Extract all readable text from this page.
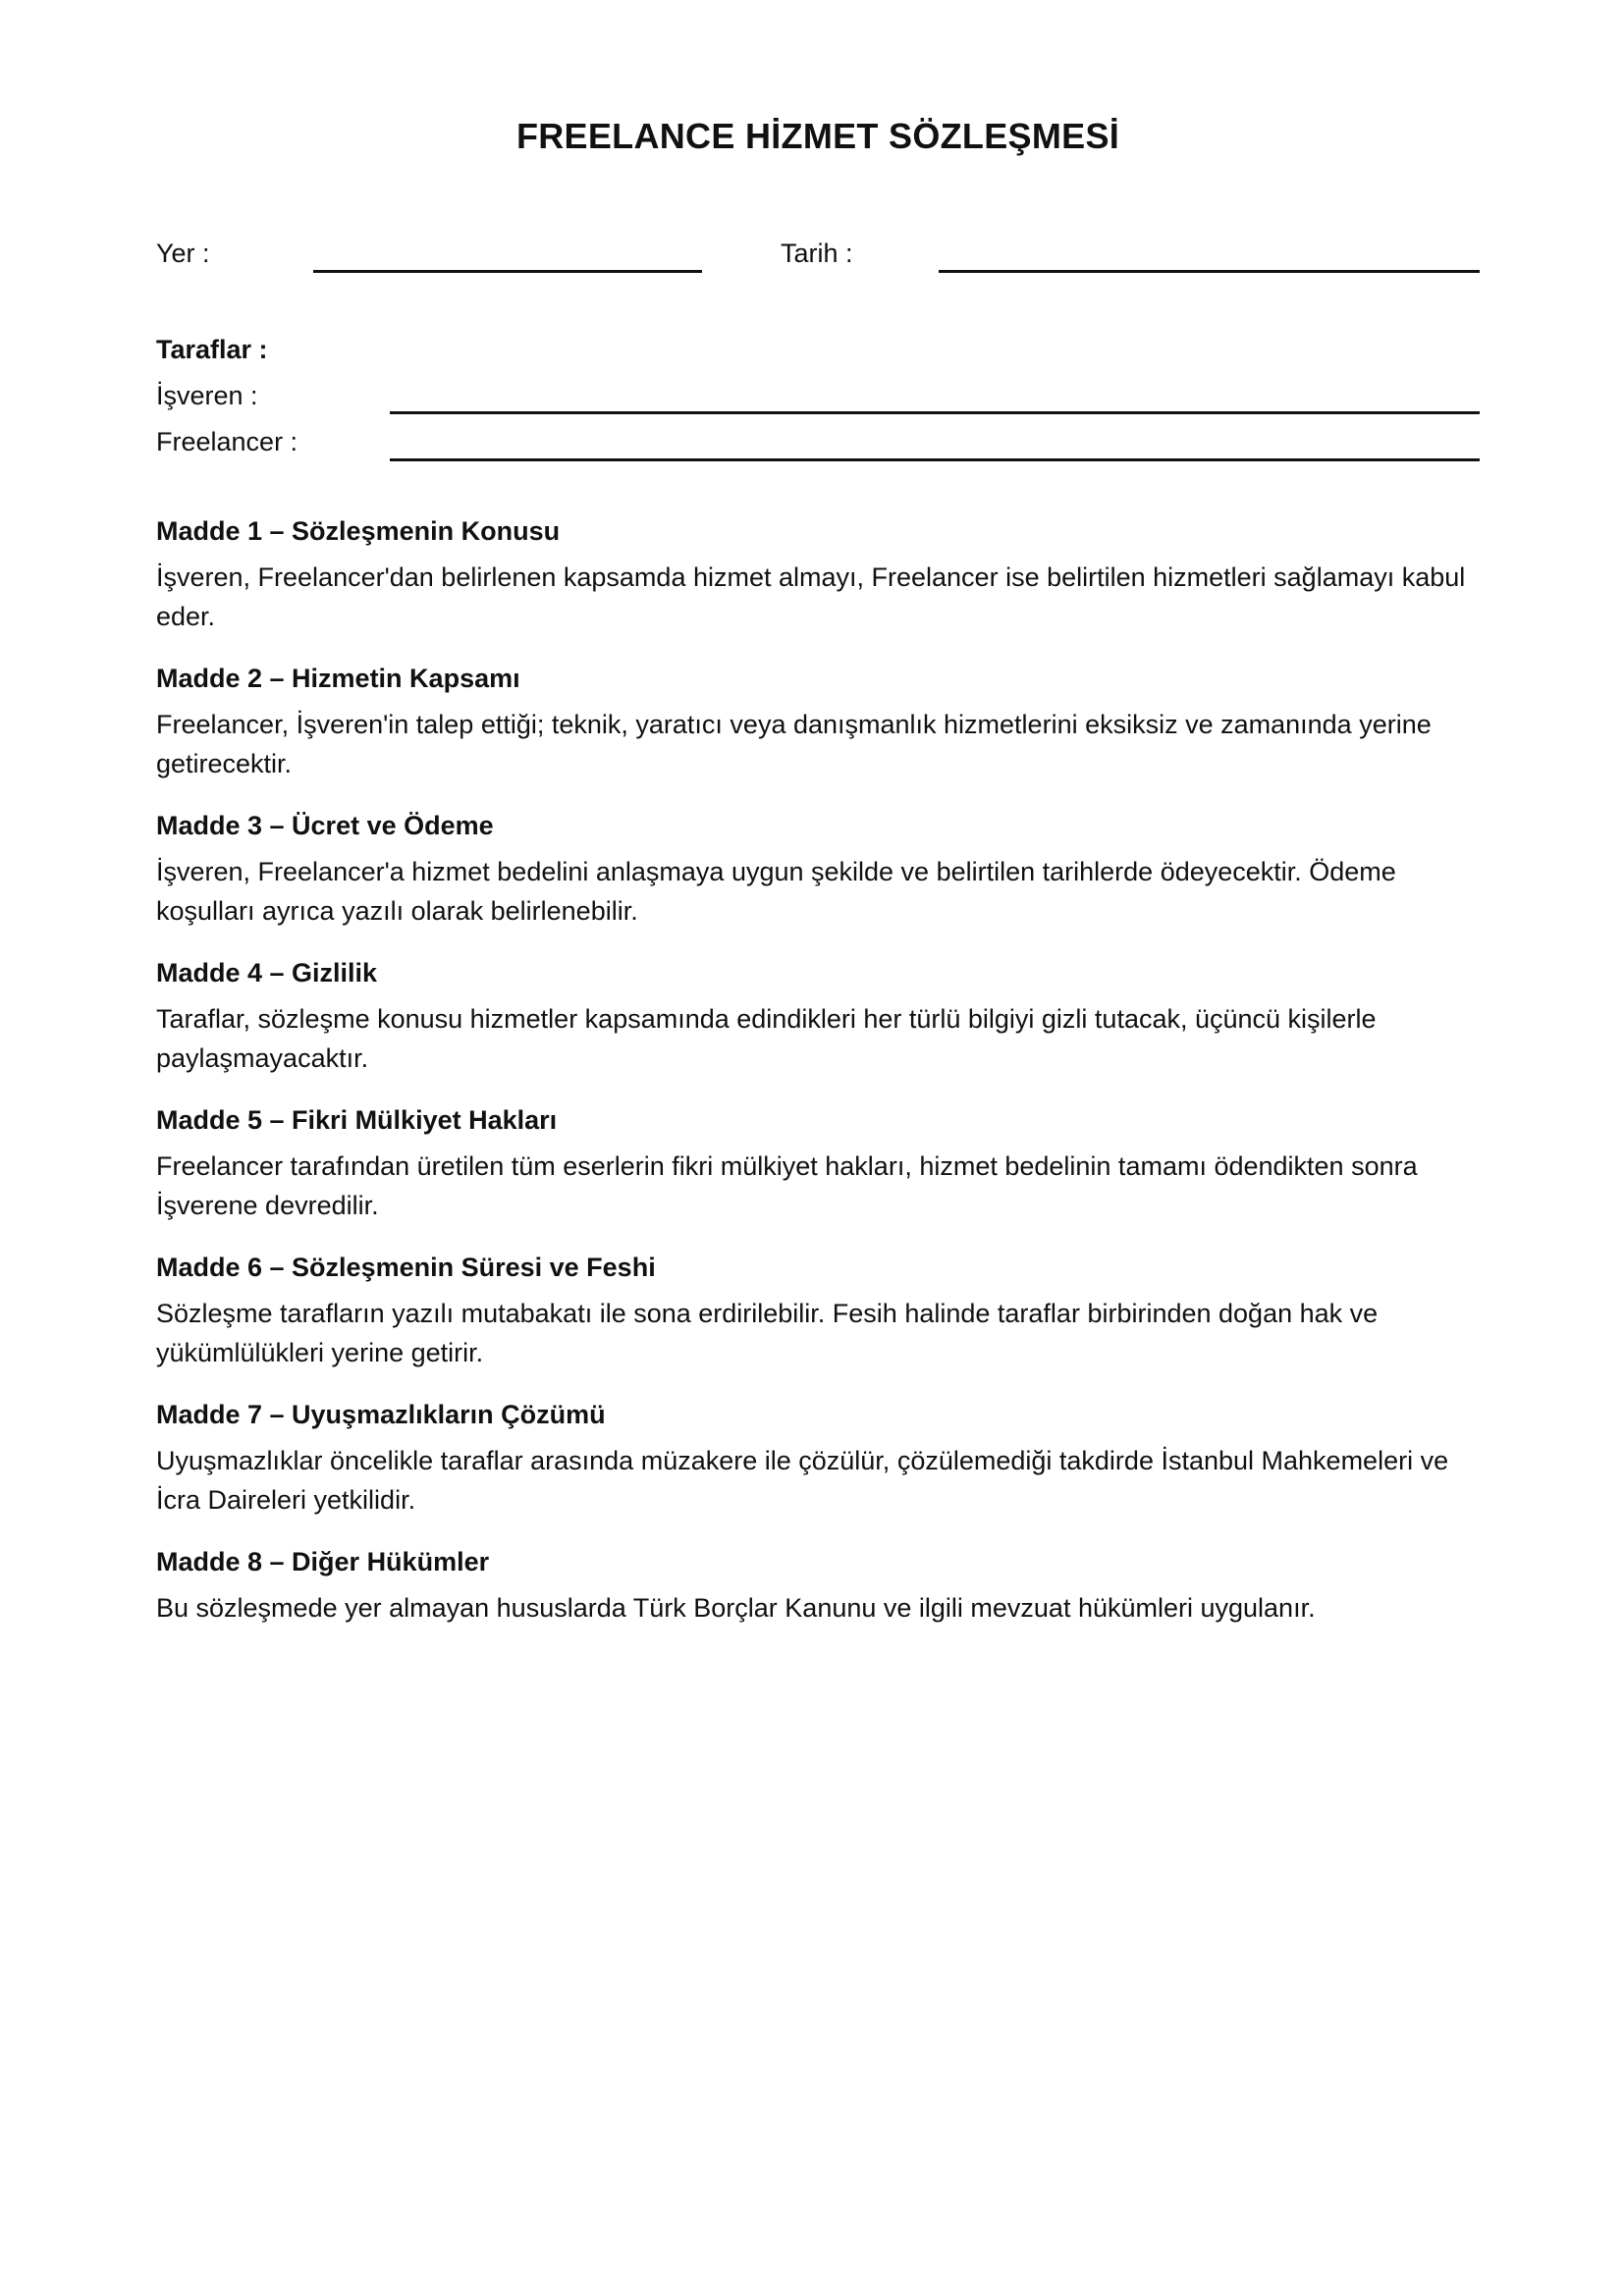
FREELANCE HİZMET SÖZLEŞMESİ
Yer :	Tarih :
Taraflar :
İşveren :
Freelancer :

Madde 1 – Sözleşmenin Konusu

İşveren, Freelancer'dan belirlenen kapsamda hizmet almayı, Freelancer ise belirtilen hizmetleri sağlamayı kabul eder.

Madde 2 – Hizmetin Kapsamı

Freelancer, İşveren'in talep ettiği; teknik, yaratıcı veya danışmanlık hizmetlerini eksiksiz ve zamanında yerine getirecektir.

Madde 3 – Ücret ve Ödeme

İşveren, Freelancer'a hizmet bedelini anlaşmaya uygun şekilde ve belirtilen tarihlerde ödeyecektir. Ödeme koşulları ayrıca yazılı olarak belirlenebilir.

Madde 4 – Gizlilik

Taraflar, sözleşme konusu hizmetler kapsamında edindikleri her türlü bilgiyi gizli tutacak, üçüncü kişilerle paylaşmayacaktır.

Madde 5 – Fikri Mülkiyet Hakları

Freelancer tarafından üretilen tüm eserlerin fikri mülkiyet hakları, hizmet bedelinin tamamı ödendikten sonra İşverene devredilir.

Madde 6 – Sözleşmenin Süresi ve Feshi

Sözleşme tarafların yazılı mutabakatı ile sona erdirilebilir. Fesih halinde taraflar birbirinden doğan hak ve yükümlülükleri yerine getirir.

Madde 7 – Uyuşmazlıkların Çözümü

Uyuşmazlıklar öncelikle taraflar arasında müzakere ile çözülür, çözülemediği takdirde İstanbul Mahkemeleri ve İcra Daireleri yetkilidir.

Madde 8 – Diğer Hükümler

Bu sözleşmede yer almayan hususlarda Türk Borçlar Kanunu ve ilgili mevzuat hükümleri uygulanır.
